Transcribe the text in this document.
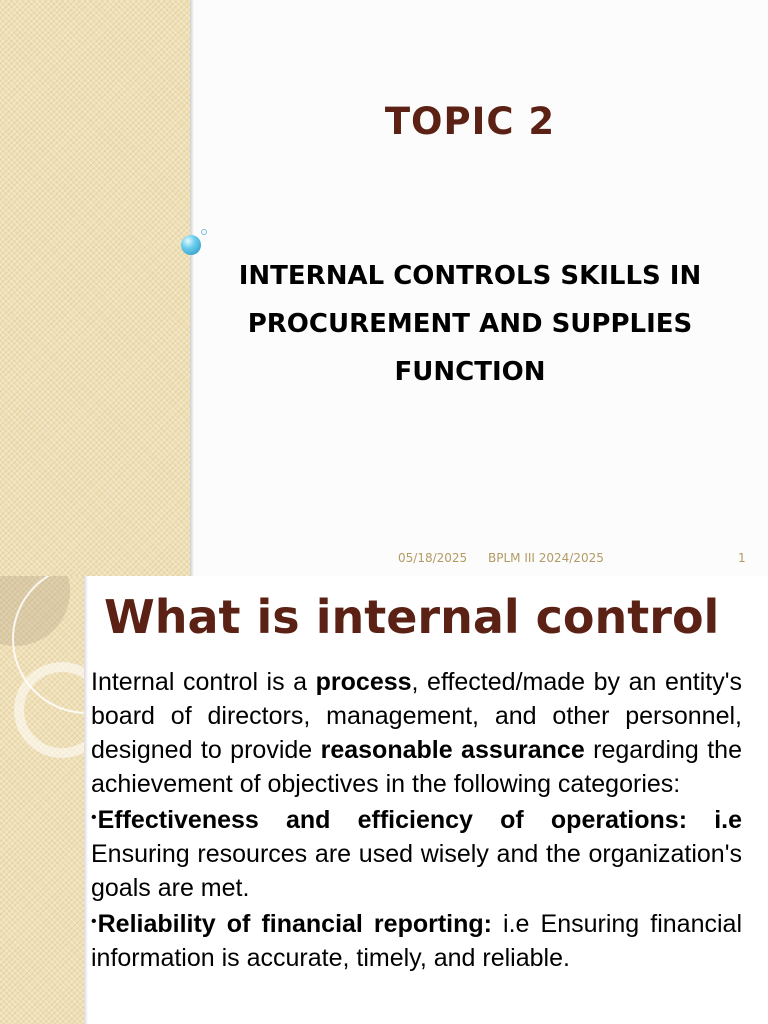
TOPIC 2
INTERNAL CONTROLS SKILLS IN
PROCUREMENT AND SUPPLIES
FUNCTION
05/18/2025 BPLM III 2024/2025	1
What is internal control

Internal control is a process, effected/made by an entity's board of directors, management, and other personnel, designed to provide reasonable assurance regarding the achievement of objectives in the following categories:

•Effectiveness and efficiency of operations: i.e Ensuring resources are used wisely and the organization's goals are met.

•Reliability of financial reporting: i.e Ensuring financial information is accurate, timely, and reliable.
